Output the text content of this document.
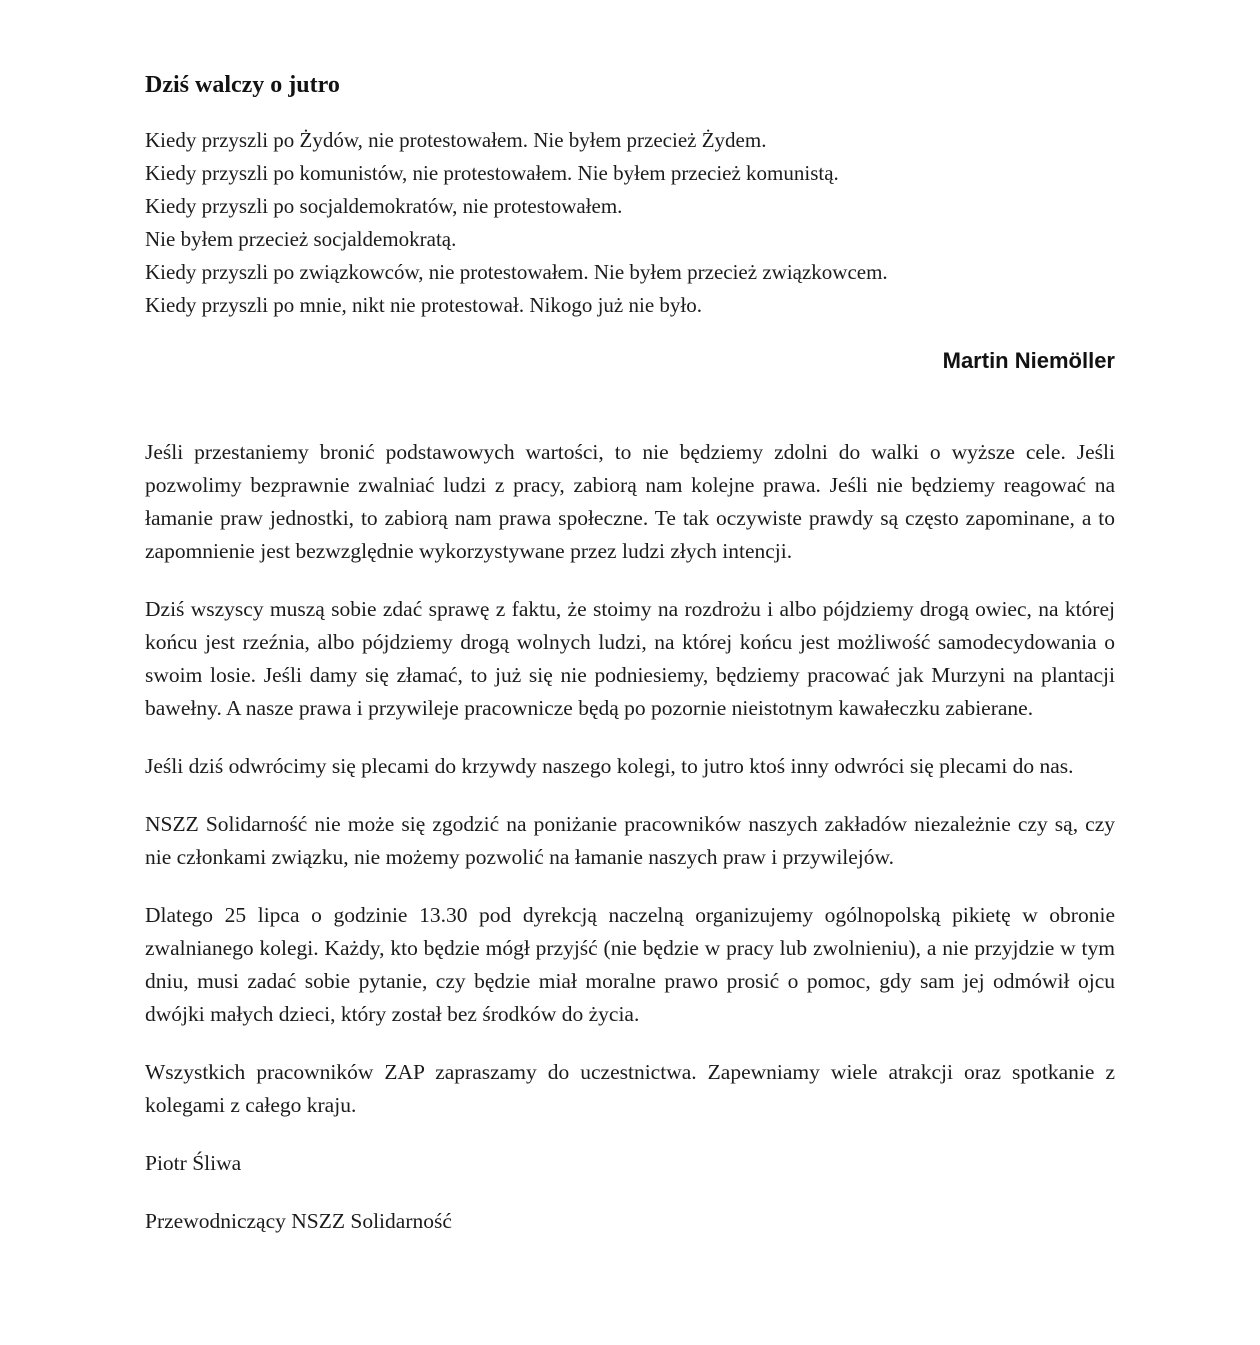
Dziś walczy o jutro
Kiedy przyszli po Żydów, nie protestowałem. Nie byłem przecież Żydem.
Kiedy przyszli po komunistów, nie protestowałem. Nie byłem przecież komunistą.
Kiedy przyszli po socjaldemokratów, nie protestowałem.
Nie byłem przecież socjaldemokratą.
Kiedy przyszli po związkowców, nie protestowałem. Nie byłem przecież związkowcem.
Kiedy przyszli po mnie, nikt nie protestował. Nikogo już nie było.
Martin Niemöller

Jeśli przestaniemy bronić podstawowych wartości, to nie będziemy zdolni do walki o wyższe cele. Jeśli pozwolimy bezprawnie zwalniać ludzi z pracy, zabiorą nam kolejne prawa. Jeśli nie będziemy reagować na łamanie praw jednostki, to zabiorą nam prawa społeczne. Te tak oczywiste prawdy są często zapominane, a to zapomnienie jest bezwzględnie wykorzystywane przez ludzi złych intencji.

Dziś wszyscy muszą sobie zdać sprawę z faktu, że stoimy na rozdrożu i albo pójdziemy drogą owiec, na której końcu jest rzeźnia, albo pójdziemy drogą wolnych ludzi, na której końcu jest możliwość samodecydowania o swoim losie. Jeśli damy się złamać, to już się nie podniesiemy, będziemy pracować jak Murzyni na plantacji bawełny. A nasze prawa i przywileje pracownicze będą po pozornie nieistotnym kawałeczku zabierane.

Jeśli dziś odwrócimy się plecami do krzywdy naszego kolegi, to jutro ktoś inny odwróci się plecami do nas.

NSZZ Solidarność nie może się zgodzić na poniżanie pracowników naszych zakładów niezależnie czy są, czy nie członkami związku, nie możemy pozwolić na łamanie naszych praw i przywilejów.

Dlatego 25 lipca o godzinie 13.30 pod dyrekcją naczelną organizujemy ogólnopolską pikietę w obronie zwalnianego kolegi. Każdy, kto będzie mógł przyjść (nie będzie w pracy lub zwolnieniu), a nie przyjdzie w tym dniu, musi zadać sobie pytanie, czy będzie miał moralne prawo prosić o pomoc, gdy sam jej odmówił ojcu dwójki małych dzieci, który został bez środków do życia.

Wszystkich pracowników ZAP zapraszamy do uczestnictwa. Zapewniamy wiele atrakcji oraz spotkanie z kolegami z całego kraju.

Piotr Śliwa

Przewodniczący NSZZ Solidarność
